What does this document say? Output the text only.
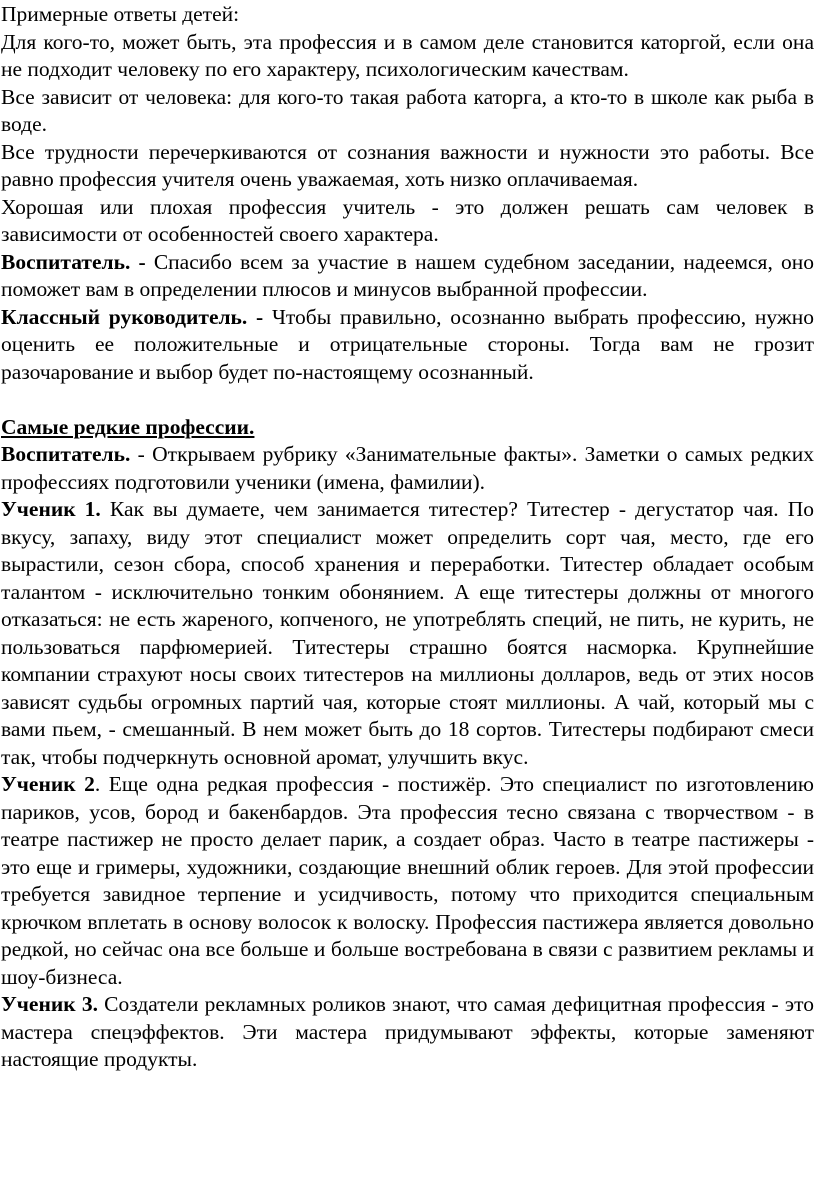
Примерные ответы детей:

Для кого-то, может быть, эта профессия и в самом деле становится каторгой, если она не подходит человеку по его характеру, психологическим качествам.

Все зависит от человека: для кого-то такая работа каторга, а кто-то в школе как рыба в воде.

Все трудности перечеркиваются от сознания важности и нужности это работы. Все равно профессия учителя очень уважаемая, хоть низко оплачиваемая.

Хорошая или плохая профессия учитель - это должен решать сам человек в зависимости от особенностей своего характера.

Воспитатель. - Спасибо всем за участие в нашем судебном заседании, надеемся, оно поможет вам в определении плюсов и минусов выбранной профессии.

Классный руководитель. - Чтобы правильно, осознанно выбрать профессию, нужно оценить ее положительные и отрицательные стороны. Тогда вам не грозит разочарование и выбор будет по-настоящему осознанный.

Самые редкие профессии.

Воспитатель. - Открываем рубрику «Занимательные факты». Заметки о самых редких профессиях подготовили ученики (имена, фамилии).

Ученик 1. Как вы думаете, чем занимается титестер? Титестер - дегустатор чая. По вкусу, запаху, виду этот специалист может определить сорт чая, место, где его вырастили, сезон сбора, способ хранения и переработки. Титестер обладает особым талантом - исключительно тонким обонянием. А еще титестеры должны от многого отказаться: не есть жареного, копченого, не употреблять специй, не пить, не курить, не пользоваться парфюмерией. Титестеры страшно боятся насморка. Крупнейшие компании страхуют носы своих титестеров на миллионы долларов, ведь от этих носов зависят судьбы огромных партий чая, которые стоят миллионы. А чай, который мы с вами пьем, - смешанный. В нем может быть до 18 сортов. Титестеры подбирают смеси так, чтобы подчеркнуть основной аромат, улучшить вкус.

Ученик 2. Еще одна редкая профессия - постижёр. Это специалист по изготовлению париков, усов, бород и бакенбардов. Эта профессия тесно связана с творчеством - в театре пастижер не просто делает парик, а создает образ. Часто в театре пастижеры - это еще и гримеры, художники, создающие внешний облик героев. Для этой профессии требуется завидное терпение и усидчивость, потому что приходится специальным крючком вплетать в основу волосок к волоску. Профессия пастижера является довольно редкой, но сейчас она все больше и больше востребована в связи с развитием рекламы и шоу-бизнеса.

Ученик 3. Создатели рекламных роликов знают, что самая дефицитная профессия - это мастера спецэффектов. Эти мастера придумывают эффекты, которые заменяют настоящие продукты.
